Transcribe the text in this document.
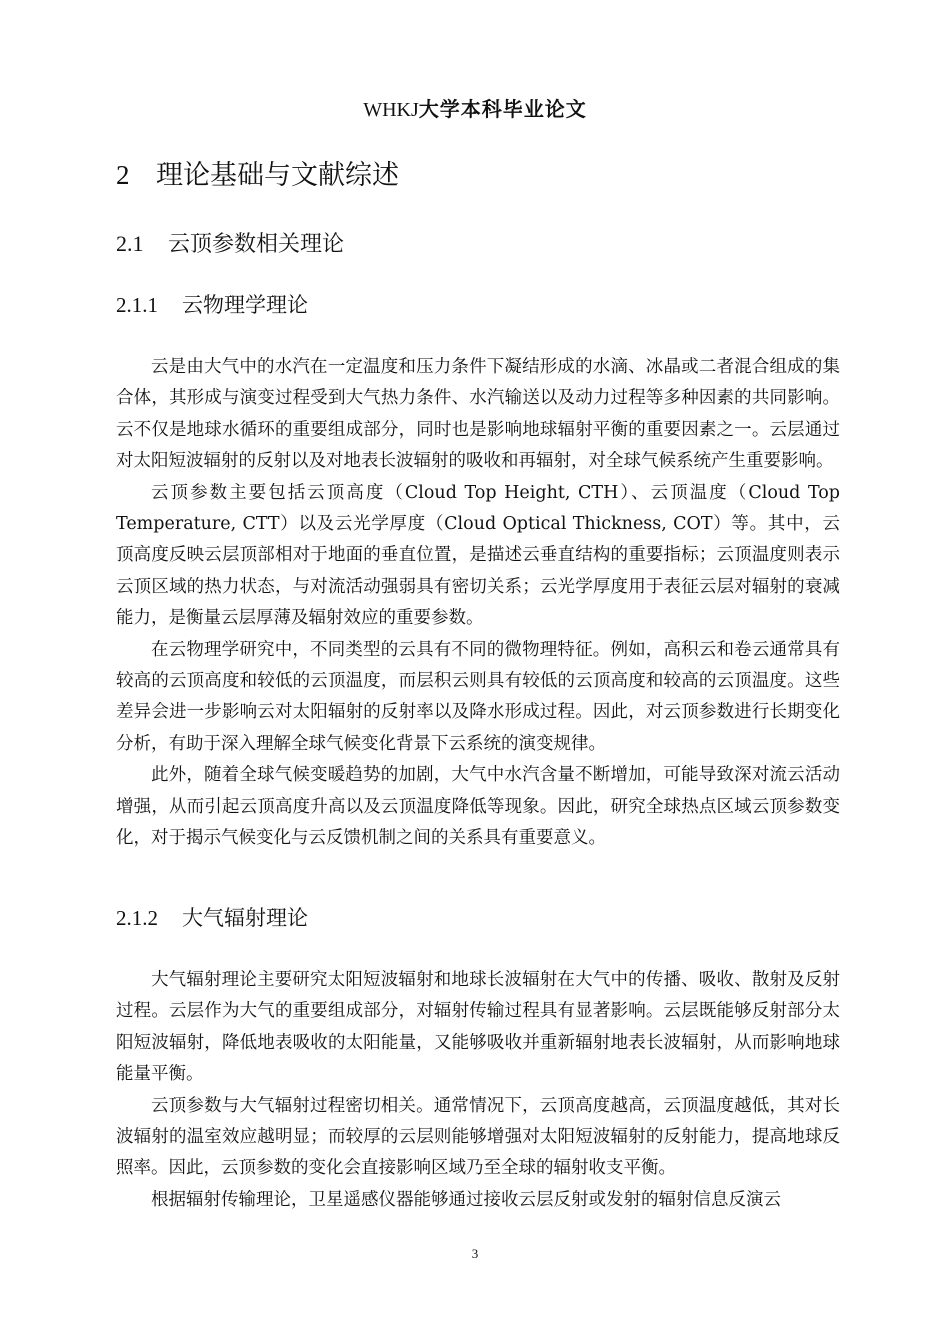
WHKJ大学本科毕业论文
2 理论基础与文献综述
2.1 云顶参数相关理论
2.1.1 云物理学理论

云是由大气中的水汽在一定温度和压力条件下凝结形成的水滴、冰晶或二者混合组成的集合体，其形成与演变过程受到大气热力条件、水汽输送以及动力过程等多种因素的共同影响。云不仅是地球水循环的重要组成部分，同时也是影响地球辐射平衡的重要因素之一。云层通过对太阳短波辐射的反射以及对地表长波辐射的吸收和再辐射，对全球气候系统产生重要影响。

云顶参数主要包括云顶高度（Cloud Top Height, CTH）、云顶温度（Cloud Top Temperature, CTT）以及云光学厚度（Cloud Optical Thickness, COT）等。其中，云顶高度反映云层顶部相对于地面的垂直位置，是描述云垂直结构的重要指标；云顶温度则表示云顶区域的热力状态，与对流活动强弱具有密切关系；云光学厚度用于表征云层对辐射的衰减能力，是衡量云层厚薄及辐射效应的重要参数。

在云物理学研究中，不同类型的云具有不同的微物理特征。例如，高积云和卷云通常具有较高的云顶高度和较低的云顶温度，而层积云则具有较低的云顶高度和较高的云顶温度。这些差异会进一步影响云对太阳辐射的反射率以及降水形成过程。因此，对云顶参数进行长期变化分析，有助于深入理解全球气候变化背景下云系统的演变规律。

此外，随着全球气候变暖趋势的加剧，大气中水汽含量不断增加，可能导致深对流云活动增强，从而引起云顶高度升高以及云顶温度降低等现象。因此，研究全球热点区域云顶参数变化，对于揭示气候变化与云反馈机制之间的关系具有重要意义。

2.1.2 大气辐射理论

大气辐射理论主要研究太阳短波辐射和地球长波辐射在大气中的传播、吸收、散射及反射过程。云层作为大气的重要组成部分，对辐射传输过程具有显著影响。云层既能够反射部分太阳短波辐射，降低地表吸收的太阳能量，又能够吸收并重新辐射地表长波辐射，从而影响地球能量平衡。

云顶参数与大气辐射过程密切相关。通常情况下，云顶高度越高，云顶温度越低，其对长波辐射的温室效应越明显；而较厚的云层则能够增强对太阳短波辐射的反射能力，提高地球反照率。因此，云顶参数的变化会直接影响区域乃至全球的辐射收支平衡。

根据辐射传输理论，卫星遥感仪器能够通过接收云层反射或发射的辐射信息反演云

3
